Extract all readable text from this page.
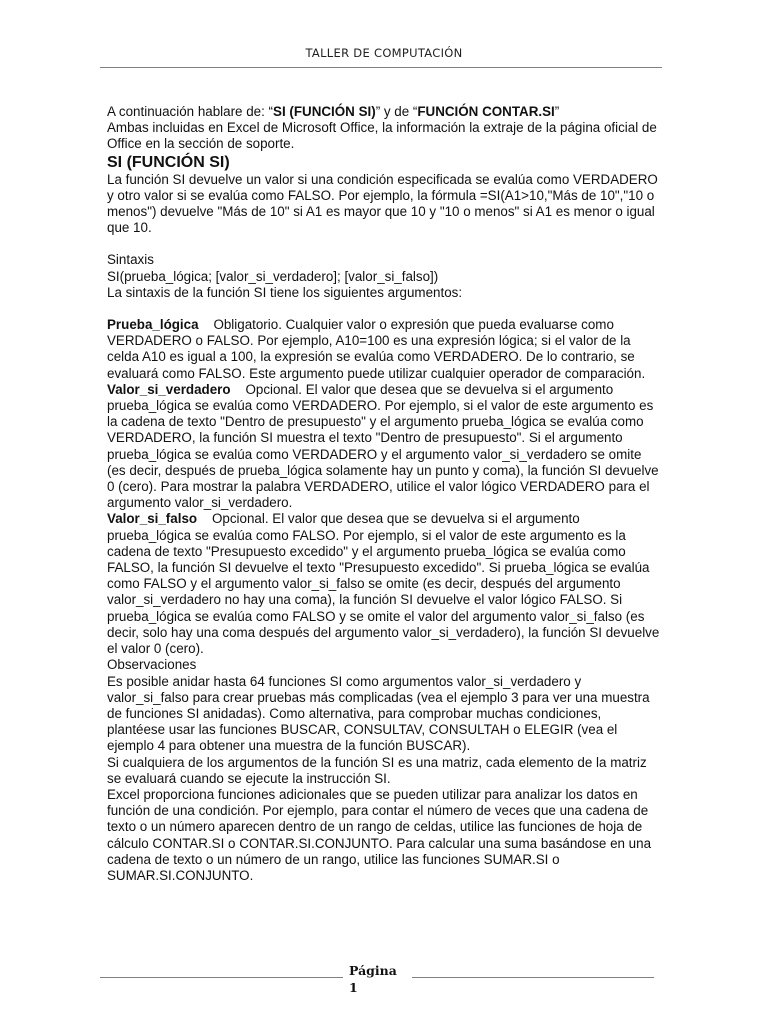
TALLER DE COMPUTACIÓN

A continuación hablare de: “SI (FUNCIÓN SI)” y de “FUNCIÓN CONTAR.SI”

Ambas incluidas en Excel de Microsoft Office, la información la extraje de la página oficial de Office en la sección de soporte.

SI (FUNCIÓN SI)

La función SI devuelve un valor si una condición especificada se evalúa como VERDADERO y otro valor si se evalúa como FALSO. Por ejemplo, la fórmula =SI(A1>10,"Más de 10","10 o menos") devuelve "Más de 10" si A1 es mayor que 10 y "10 o menos" si A1 es menor o igual que 10.

Sintaxis

SI(prueba_lógica; [valor_si_verdadero]; [valor_si_falso])

La sintaxis de la función SI tiene los siguientes argumentos:

Prueba_lógica Obligatorio. Cualquier valor o expresión que pueda evaluarse como VERDADERO o FALSO. Por ejemplo, A10=100 es una expresión lógica; si el valor de la celda A10 es igual a 100, la expresión se evalúa como VERDADERO. De lo contrario, se evaluará como FALSO. Este argumento puede utilizar cualquier operador de comparación.

Valor_si_verdadero Opcional. El valor que desea que se devuelva si el argumento prueba_lógica se evalúa como VERDADERO. Por ejemplo, si el valor de este argumento es la cadena de texto "Dentro de presupuesto" y el argumento prueba_lógica se evalúa como VERDADERO, la función SI muestra el texto "Dentro de presupuesto". Si el argumento prueba_lógica se evalúa como VERDADERO y el argumento valor_si_verdadero se omite (es decir, después de prueba_lógica solamente hay un punto y coma), la función SI devuelve 0 (cero). Para mostrar la palabra VERDADERO, utilice el valor lógico VERDADERO para el argumento valor_si_verdadero.

Valor_si_falso Opcional. El valor que desea que se devuelva si el argumento prueba_lógica se evalúa como FALSO. Por ejemplo, si el valor de este argumento es la cadena de texto "Presupuesto excedido" y el argumento prueba_lógica se evalúa como FALSO, la función SI devuelve el texto "Presupuesto excedido". Si prueba_lógica se evalúa como FALSO y el argumento valor_si_falso se omite (es decir, después del argumento valor_si_verdadero no hay una coma), la función SI devuelve el valor lógico FALSO. Si prueba_lógica se evalúa como FALSO y se omite el valor del argumento valor_si_falso (es decir, solo hay una coma después del argumento valor_si_verdadero), la función SI devuelve el valor 0 (cero).

Observaciones

Es posible anidar hasta 64 funciones SI como argumentos valor_si_verdadero y valor_si_falso para crear pruebas más complicadas (vea el ejemplo 3 para ver una muestra de funciones SI anidadas). Como alternativa, para comprobar muchas condiciones, plantéese usar las funciones BUSCAR, CONSULTAV, CONSULTAH o ELEGIR (vea el ejemplo 4 para obtener una muestra de la función BUSCAR).

Si cualquiera de los argumentos de la función SI es una matriz, cada elemento de la matriz se evaluará cuando se ejecute la instrucción SI.

Excel proporciona funciones adicionales que se pueden utilizar para analizar los datos en función de una condición. Por ejemplo, para contar el número de veces que una cadena de texto o un número aparecen dentro de un rango de celdas, utilice las funciones de hoja de cálculo CONTAR.SI o CONTAR.SI.CONJUNTO. Para calcular una suma basándose en una cadena de texto o un número de un rango, utilice las funciones SUMAR.SI o SUMAR.SI.CONJUNTO.

Página
1
